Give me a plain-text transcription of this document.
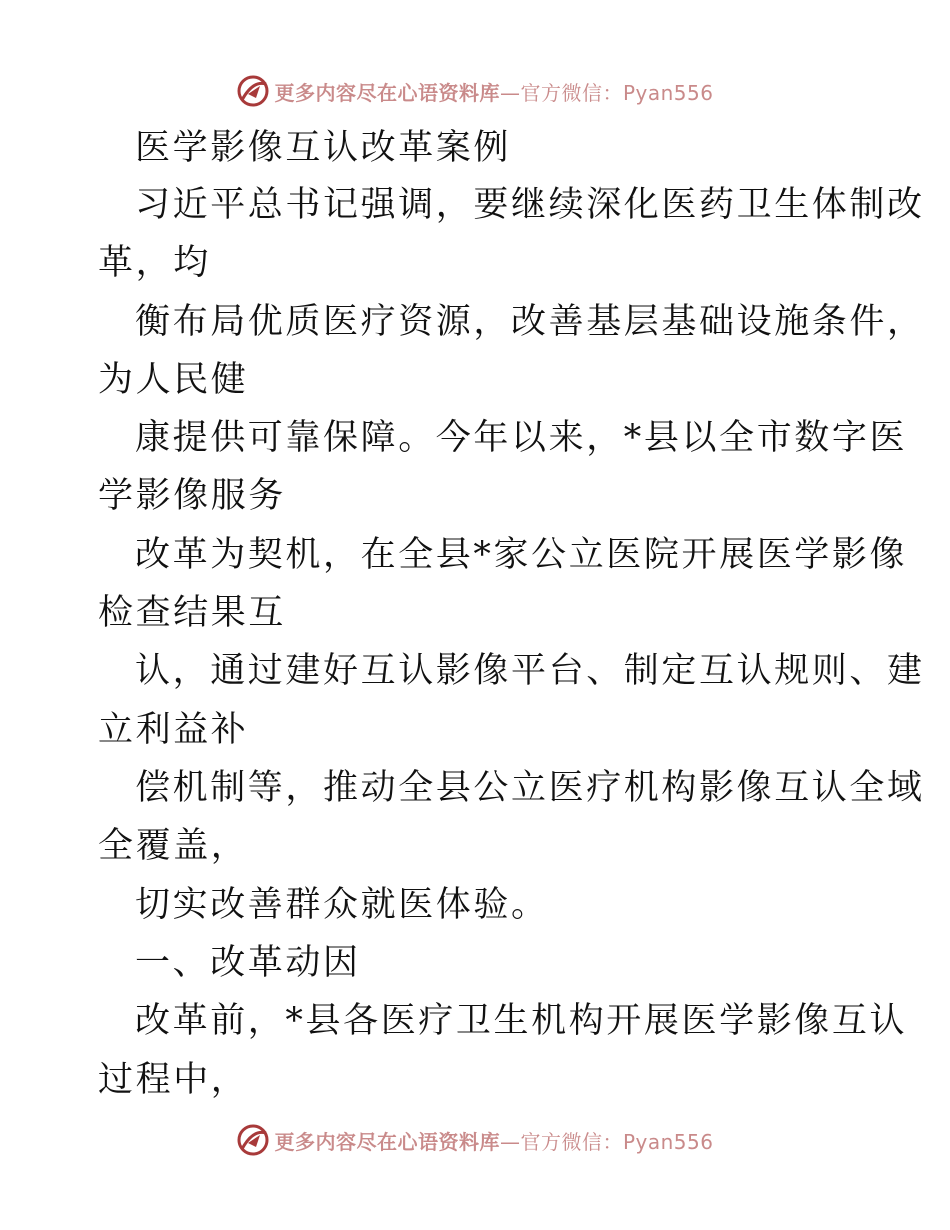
更多内容尽在心语资料库 —官方微信：Pyan556
医学影像互认改革案例
习近平总书记强调，要继续深化医药卫生体制改
革，均
衡布局优质医疗资源，改善基层基础设施条件，
为人民健
康提供可靠保障。今年以来，*县以全市数字医
学影像服务
改革为契机，在全县*家公立医院开展医学影像
检查结果互
认，通过建好互认影像平台、制定互认规则、建
立利益补
偿机制等，推动全县公立医疗机构影像互认全域
全覆盖，
切实改善群众就医体验。
一、改革动因
改革前，*县各医疗卫生机构开展医学影像互认
过程中，
更多内容尽在心语资料库 —官方微信：Pyan556
